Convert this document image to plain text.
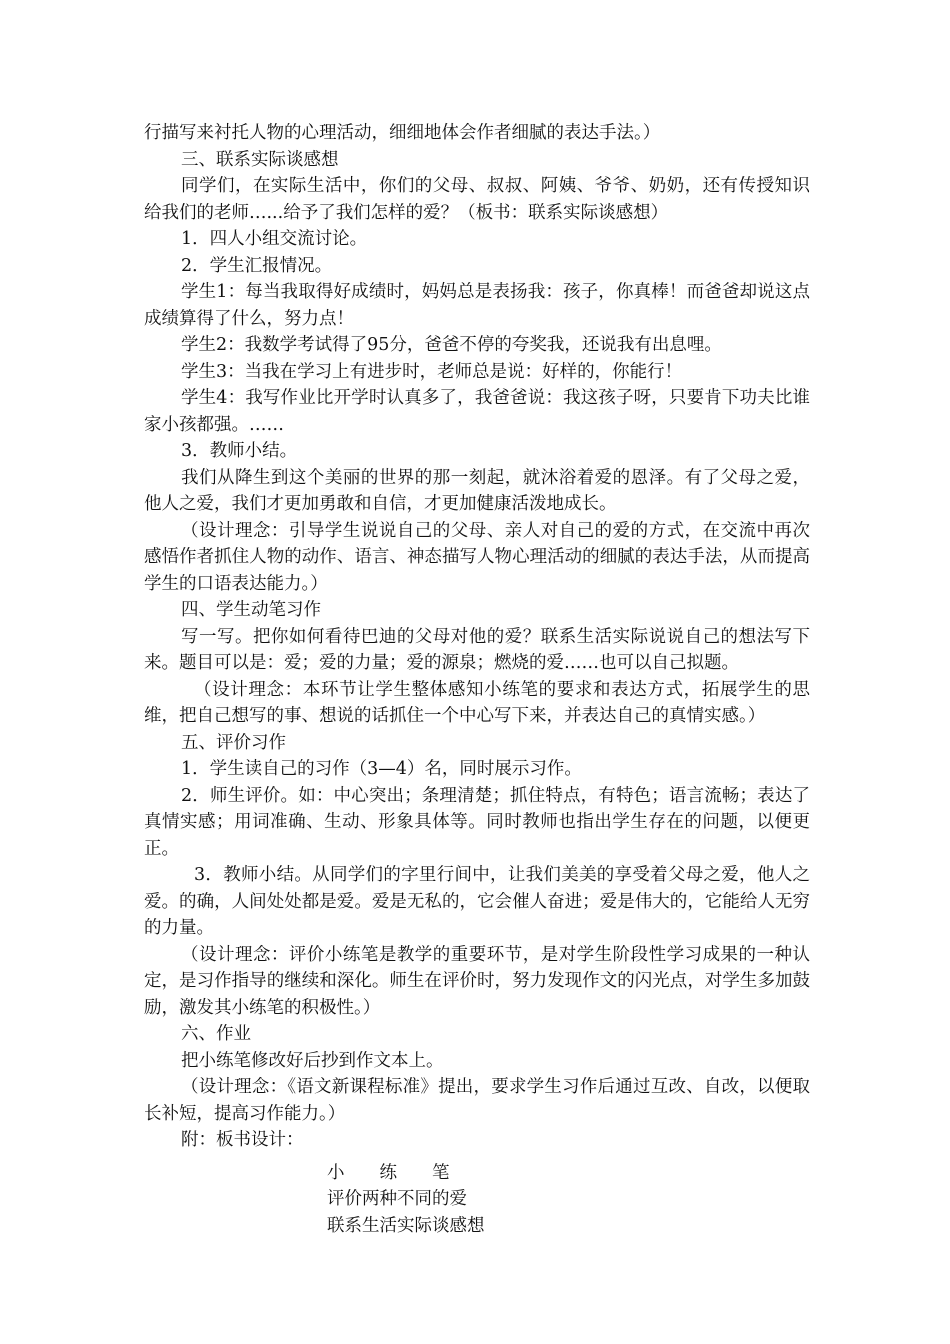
行描写来衬托人物的心理活动，细细地体会作者细腻的表达手法。）

三、联系实际谈感想

同学们，在实际生活中，你们的父母、叔叔、阿姨、爷爷、奶奶，还有传授知识给我们的老师…...给予了我们怎样的爱？（板书：联系实际谈感想）

1．四人小组交流讨论。

2．学生汇报情况。

学生1：每当我取得好成绩时，妈妈总是表扬我：孩子，你真棒！而爸爸却说这点成绩算得了什么，努力点！

学生2：我数学考试得了95分，爸爸不停的夸奖我，还说我有出息哩。

学生3：当我在学习上有进步时，老师总是说：好样的，你能行！

学生4：我写作业比开学时认真多了，我爸爸说：我这孩子呀，只要肯下功夫比谁家小孩都强。……

3．教师小结。

我们从降生到这个美丽的世界的那一刻起，就沐浴着爱的恩泽。有了父母之爱，他人之爱，我们才更加勇敢和自信，才更加健康活泼地成长。

（设计理念：引导学生说说自己的父母、亲人对自己的爱的方式，在交流中再次感悟作者抓住人物的动作、语言、神态描写人物心理活动的细腻的表达手法，从而提高学生的口语表达能力。）

四、学生动笔习作

写一写。把你如何看待巴迪的父母对他的爱？联系生活实际说说自己的想法写下来。题目可以是：爱；爱的力量；爱的源泉；燃烧的爱……也可以自己拟题。

（设计理念：本环节让学生整体感知小练笔的要求和表达方式，拓展学生的思维，把自己想写的事、想说的话抓住一个中心写下来，并表达自己的真情实感。）

五、评价习作

1．学生读自己的习作（3—4）名，同时展示习作。

2．师生评价。如：中心突出；条理清楚；抓住特点，有特色；语言流畅；表达了真情实感；用词准确、生动、形象具体等。同时教师也指出学生存在的问题，以便更正。

3．教师小结。从同学们的字里行间中，让我们美美的享受着父母之爱，他人之爱。的确，人间处处都是爱。爱是无私的，它会催人奋进；爱是伟大的，它能给人无穷的力量。

（设计理念：评价小练笔是教学的重要环节，是对学生阶段性学习成果的一种认定，是习作指导的继续和深化。师生在评价时，努力发现作文的闪光点，对学生多加鼓励，激发其小练笔的积极性。）

六、作业

把小练笔修改好后抄到作文本上。

（设计理念：《语文新课程标准》提出，要求学生习作后通过互改、自改，以便取长补短，提高习作能力。）

附：板书设计：

小　　练　　笔
评价两种不同的爱
联系生活实际谈感想
